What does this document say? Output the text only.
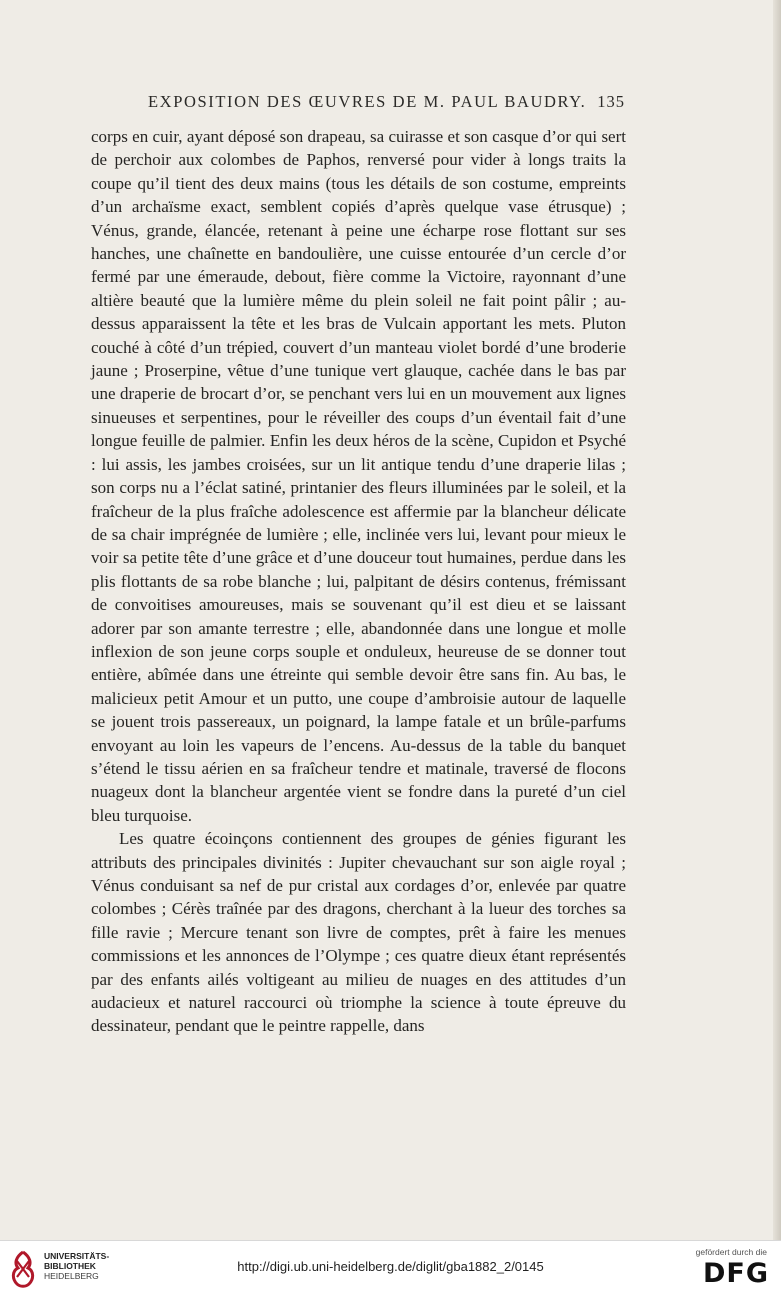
EXPOSITION DES ŒUVRES DE M. PAUL BAUDRY. 135

corps en cuir, ayant déposé son drapeau, sa cuirasse et son casque d’or qui sert de perchoir aux colombes de Paphos, renversé pour vider à longs traits la coupe qu’il tient des deux mains (tous les détails de son costume, empreints d’un archaïsme exact, semblent copiés d’après quelque vase étrusque) ; Vénus, grande, élancée, retenant à peine une écharpe rose flottant sur ses hanches, une chaînette en bandoulière, une cuisse entourée d’un cercle d’or fermé par une émeraude, debout, fière comme la Victoire, rayonnant d’une altière beauté que la lumière même du plein soleil ne fait point pâlir ; au-dessus apparaissent la tête et les bras de Vulcain apportant les mets. Pluton couché à côté d’un trépied, couvert d’un manteau violet bordé d’une broderie jaune ; Proserpine, vêtue d’une tunique vert glauque, cachée dans le bas par une draperie de brocart d’or, se penchant vers lui en un mouvement aux lignes sinueuses et serpentines, pour le réveiller des coups d’un éventail fait d’une longue feuille de palmier. Enfin les deux héros de la scène, Cupidon et Psyché : lui assis, les jambes croisées, sur un lit antique tendu d’une draperie lilas ; son corps nu a l’éclat satiné, printanier des fleurs illuminées par le soleil, et la fraîcheur de la plus fraîche adolescence est affermie par la blancheur délicate de sa chair imprégnée de lumière ; elle, inclinée vers lui, levant pour mieux le voir sa petite tête d’une grâce et d’une douceur tout humaines, perdue dans les plis flottants de sa robe blanche ; lui, palpitant de désirs contenus, frémissant de convoitises amoureuses, mais se souvenant qu’il est dieu et se laissant adorer par son amante terrestre ; elle, abandonnée dans une longue et molle inflexion de son jeune corps souple et onduleux, heureuse de se donner tout entière, abîmée dans une étreinte qui semble devoir être sans fin. Au bas, le malicieux petit Amour et un putto, une coupe d’ambroisie autour de laquelle se jouent trois passereaux, un poignard, la lampe fatale et un brûle-parfums envoyant au loin les vapeurs de l’encens. Au-dessus de la table du banquet s’étend le tissu aérien en sa fraîcheur tendre et matinale, traversé de flocons nuageux dont la blancheur argentée vient se fondre dans la pureté d’un ciel bleu turquoise.

Les quatre écoinçons contiennent des groupes de génies figurant les attributs des principales divinités : Jupiter chevauchant sur son aigle royal ; Vénus conduisant sa nef de pur cristal aux cordages d’or, enlevée par quatre colombes ; Cérès traînée par des dragons, cherchant à la lueur des torches sa fille ravie ; Mercure tenant son livre de comptes, prêt à faire les menues commissions et les annonces de l’Olympe ; ces quatre dieux étant représentés par des enfants ailés voltigeant au milieu de nuages en des attitudes d’un audacieux et naturel raccourci où triomphe la science à toute épreuve du dessinateur, pendant que le peintre rappelle, dans

UNIVERSITÄTS-
BIBLIOTHEK
HEIDELBERG
http://digi.ub.uni-heidelberg.de/diglit/gba1882_2/0145
gefördert durch die
DFG
